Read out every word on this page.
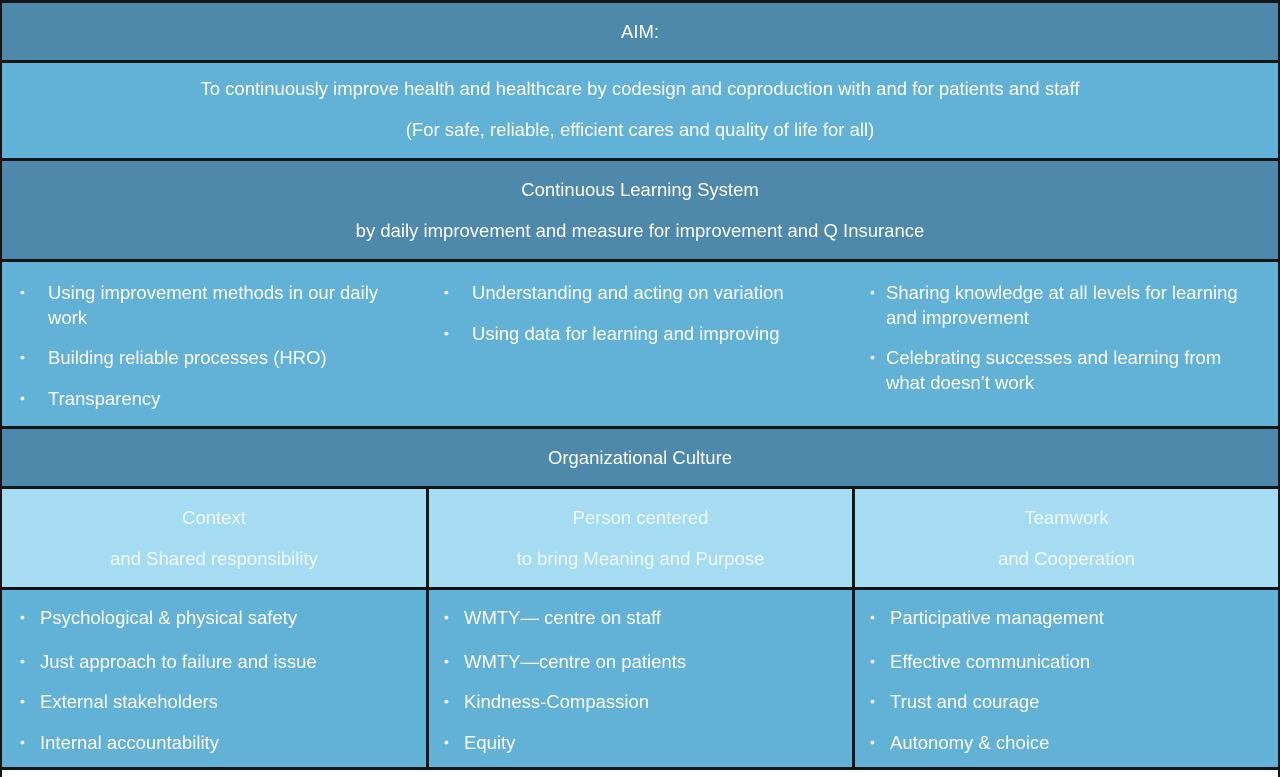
AIM:
To continuously improve health and healthcare by codesign and coproduction with and for patients and staff
(For safe, reliable, efficient cares and quality of life for all)
Continuous Learning System
by daily improvement and measure for improvement and Q Insurance
• Using improvement methods in our daily work
• Building reliable processes (HRO)
• Transparency
• Understanding and acting on variation
• Using data for learning and improving
• Sharing knowledge at all levels for learning and improvement
• Celebrating successes and learning from what doesn’t work
Organizational Culture
Context
and Shared responsibility
Person centered
to bring Meaning and Purpose
Teamwork
and Cooperation
• Psychological & physical safety
• Just approach to failure and issue
• External stakeholders
• Internal accountability
• WMTY— centre on staff
• WMTY—centre on patients
• Kindness-Compassion
• Equity
• Participative management
• Effective communication
• Trust and courage
• Autonomy & choice
